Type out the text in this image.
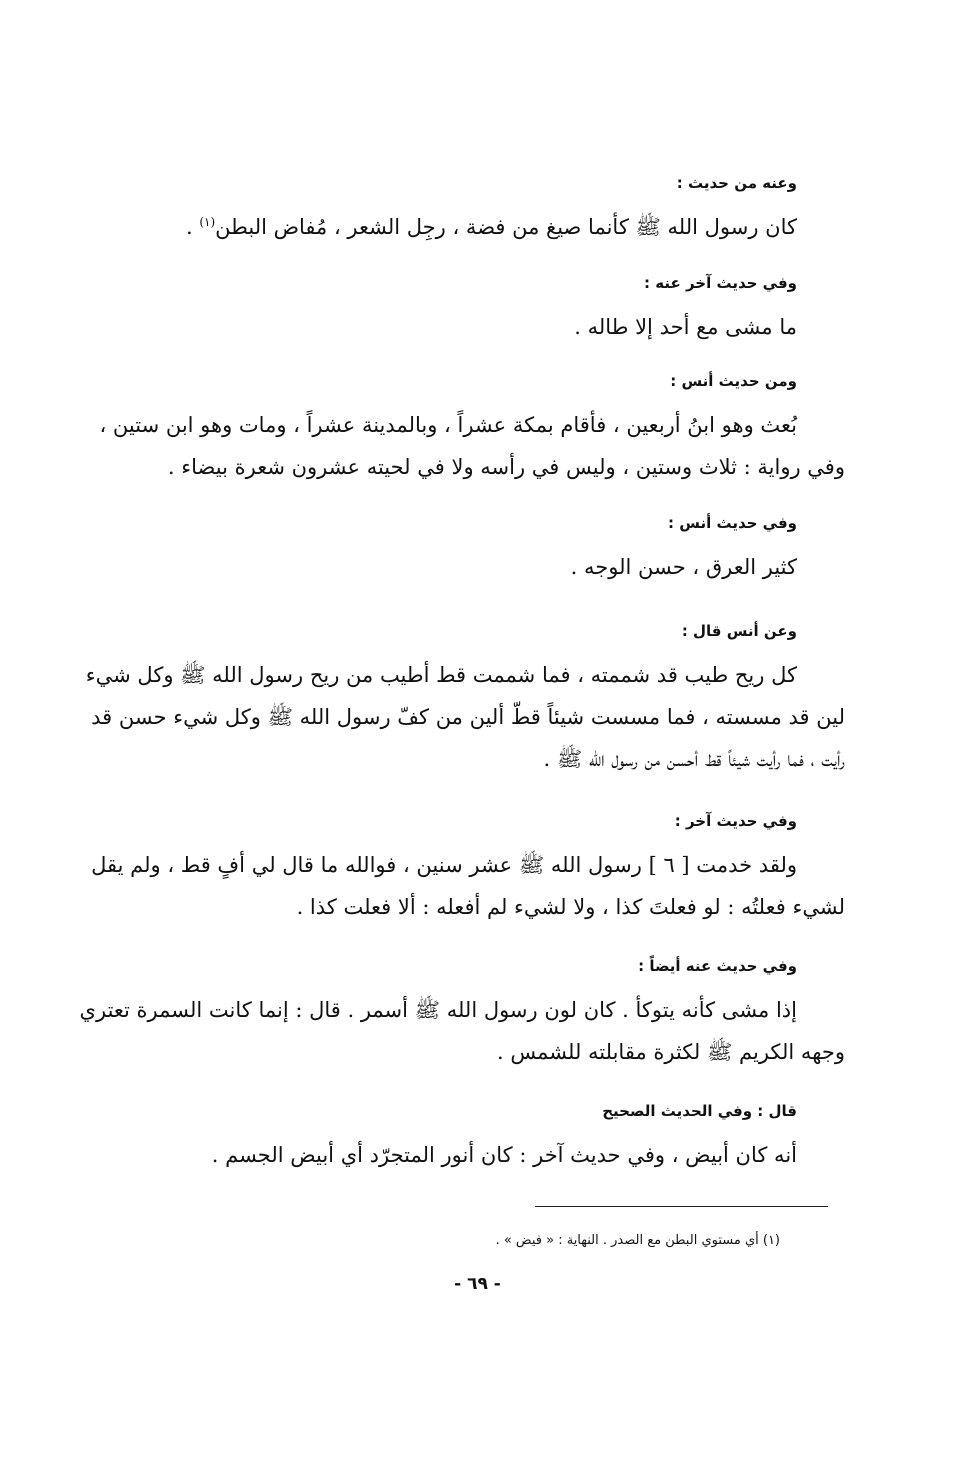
وعنه من حديث :
كان رسول الله ﷺ كأنما صيغ من فضة ، رجِل الشعر ، مُفاض البطن$^{(١)}$ .
وفي حديث آخر عنه :
ما مشى مع أحد إلا طاله .
ومن حديث أنس :
بُعث وهو ابنُ أربعين ، فأقام بمكة عشراً ، وبالمدينة عشراً ، ومات وهو ابن ستين ،
وفي رواية : ثلاث وستين ، وليس في رأسه ولا في لحيته عشرون شعرة بيضاء .
وفي حديث أنس :
كثير العرق ، حسن الوجه .
وعن أنس قال :
كل ريح طيب قد شممته ، فما شممت قط أطيب من ريح رسول الله ﷺ وكل شيء
لين قد مسسته ، فما مسست شيئاً قطّ ألين من كفّ رسول الله ﷺ وكل شيء حسن قد
رأيت ، فما رأيت شيئاً قط أحسن من رسول الله ﷺ .
وفي حديث آخر :
ولقد خدمت [ ٦ ] رسول الله ﷺ عشر سنين ، فوالله ما قال لي أفٍ قط ، ولم يقل
لشيء فعلتُه : لو فعلتَ كذا ، ولا لشيء لم أفعله : ألا فعلت كذا .
وفي حديث عنه أيضاً :
إذا مشى كأنه يتوكأ . كان لون رسول الله ﷺ أسمر . قال : إنما كانت السمرة تعتري
وجهه الكريم ﷺ لكثرة مقابلته للشمس .
قال : وفي الحديث الصحيح
أنه كان أبيض ، وفي حديث آخر : كان أنور المتجرّد أي أبيض الجسم .
(١) أي مستوي البطن مع الصدر . النهاية : « فيض » .
- ٦٩ -
